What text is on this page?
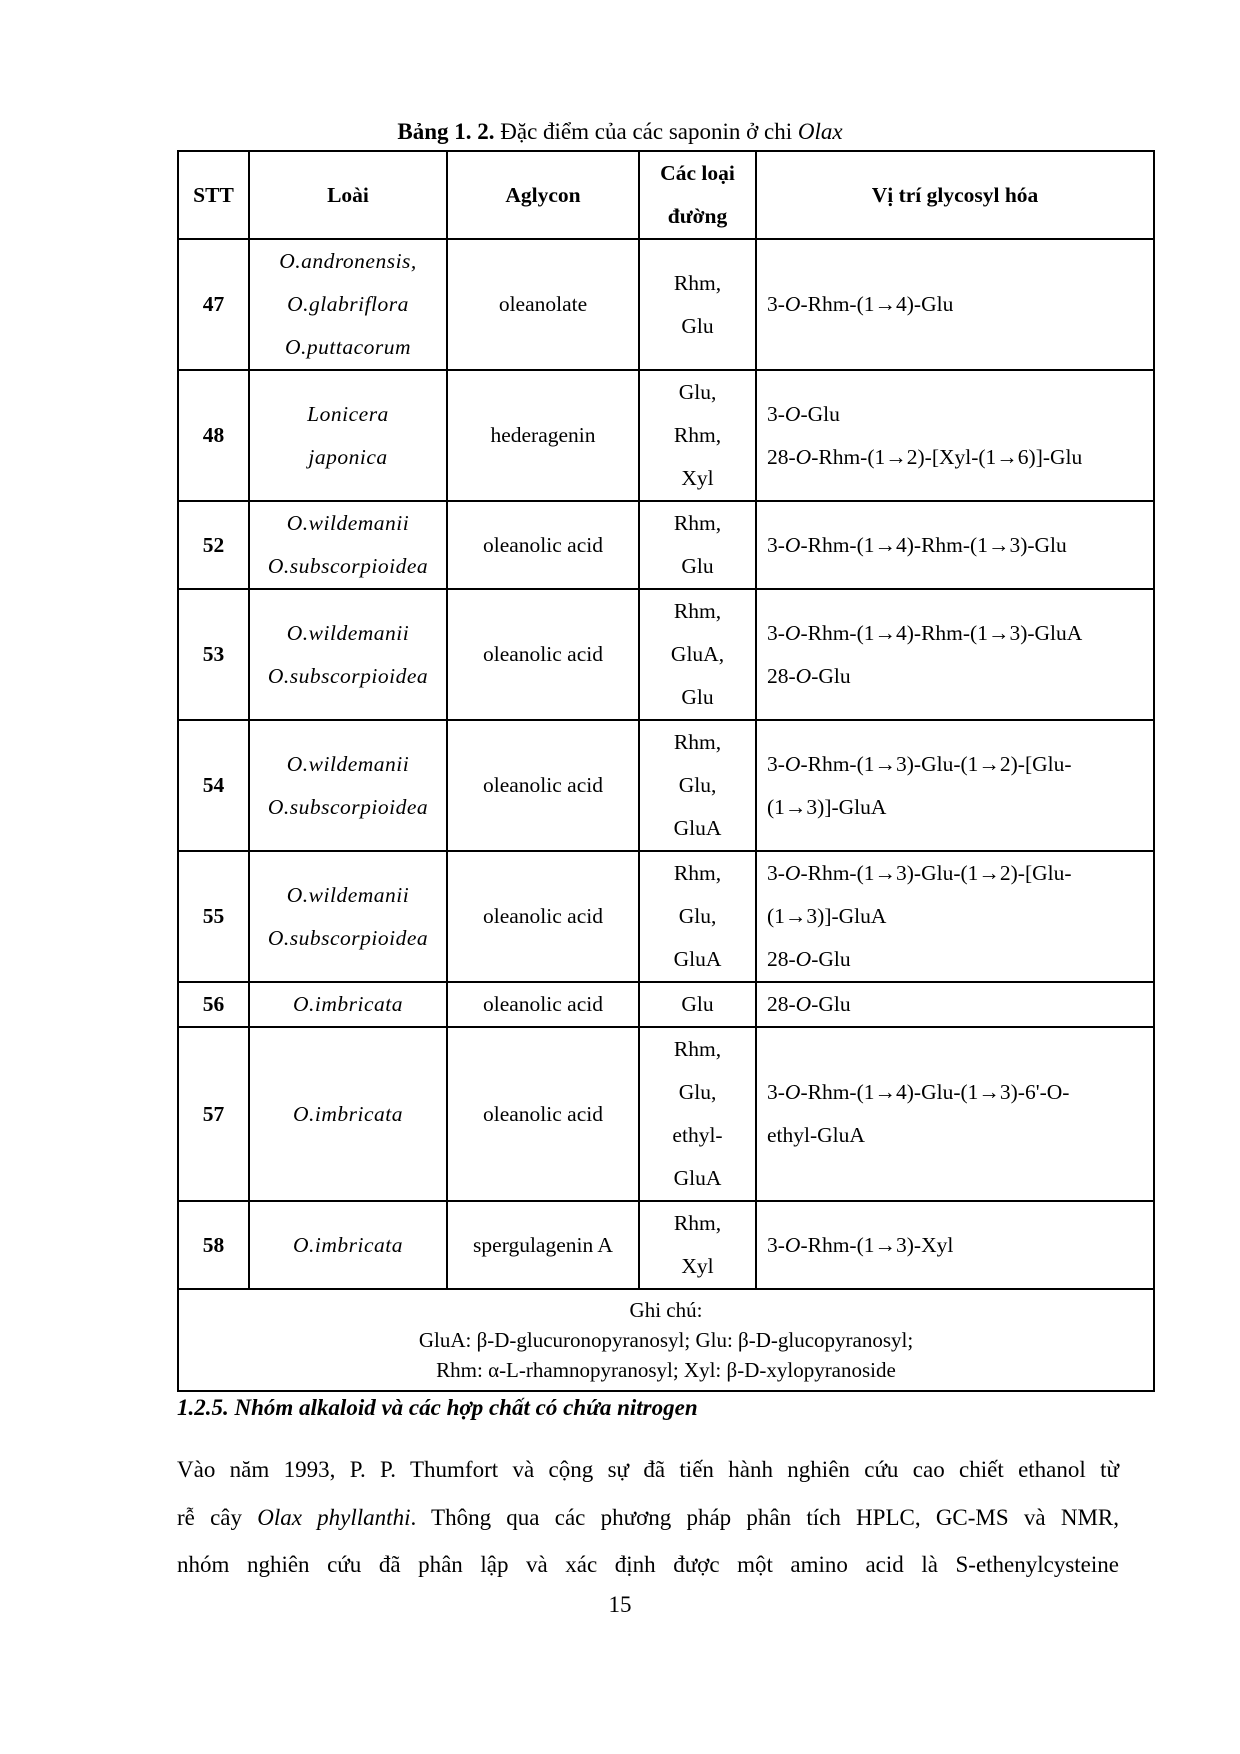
Bảng 1. 2. Đặc điểm của các saponin ở chi Olax
STT	Loài	Aglycon	Các loại
đường	Vị trí glycosyl hóa
47	O.andronensis,
O.glabriflora
O.puttacorum	oleanolate	Rhm,
Glu	3-O-Rhm-(1→4)-Glu

48	Lonicera
japonica	hederagenin	Glu,
Rhm,
Xyl	3-O-Glu
28-O-Rhm-(1→2)-[Xyl-(1→6)]-Glu

52	O.wildemanii
O.subscorpioidea	oleanolic acid	Rhm,
Glu	3-O-Rhm-(1→4)-Rhm-(1→3)-Glu

53	O.wildemanii
O.subscorpioidea	oleanolic acid	Rhm,
GluA,
Glu	3-O-Rhm-(1→4)-Rhm-(1→3)-GluA
28-O-Glu

54	O.wildemanii
O.subscorpioidea	oleanolic acid	Rhm,
Glu,
GluA	3-O-Rhm-(1→3)-Glu-(1→2)-[Glu-
(1→3)]-GluA

55	O.wildemanii
O.subscorpioidea	oleanolic acid	Rhm,
Glu,
GluA	3-O-Rhm-(1→3)-Glu-(1→2)-[Glu-
(1→3)]-GluA
28-O-Glu

56	O.imbricata	oleanolic acid	Glu	28-O-Glu

57	O.imbricata	oleanolic acid	Rhm,
Glu,
ethyl-
GluA	3-O-Rhm-(1→4)-Glu-(1→3)-6'-O-
ethyl-GluA

58	O.imbricata	spergulagenin A	Rhm,
Xyl	3-O-Rhm-(1→3)-Xyl

Ghi chú:
GluA: β-D-glucuronopyranosyl; Glu: β-D-glucopyranosyl;
Rhm: α-L-rhamnopyranosyl; Xyl: β-D-xylopyranoside				
1.2.5. Nhóm alkaloid và các hợp chất có chứa nitrogen
Vào năm 1993, P. P. Thumfort và cộng sự đã tiến hành nghiên cứu cao chiết ethanol từ
rễ cây Olax phyllanthi. Thông qua các phương pháp phân tích HPLC, GC-MS và NMR,
nhóm nghiên cứu đã phân lập và xác định được một amino acid là S-ethenylcysteine
15
